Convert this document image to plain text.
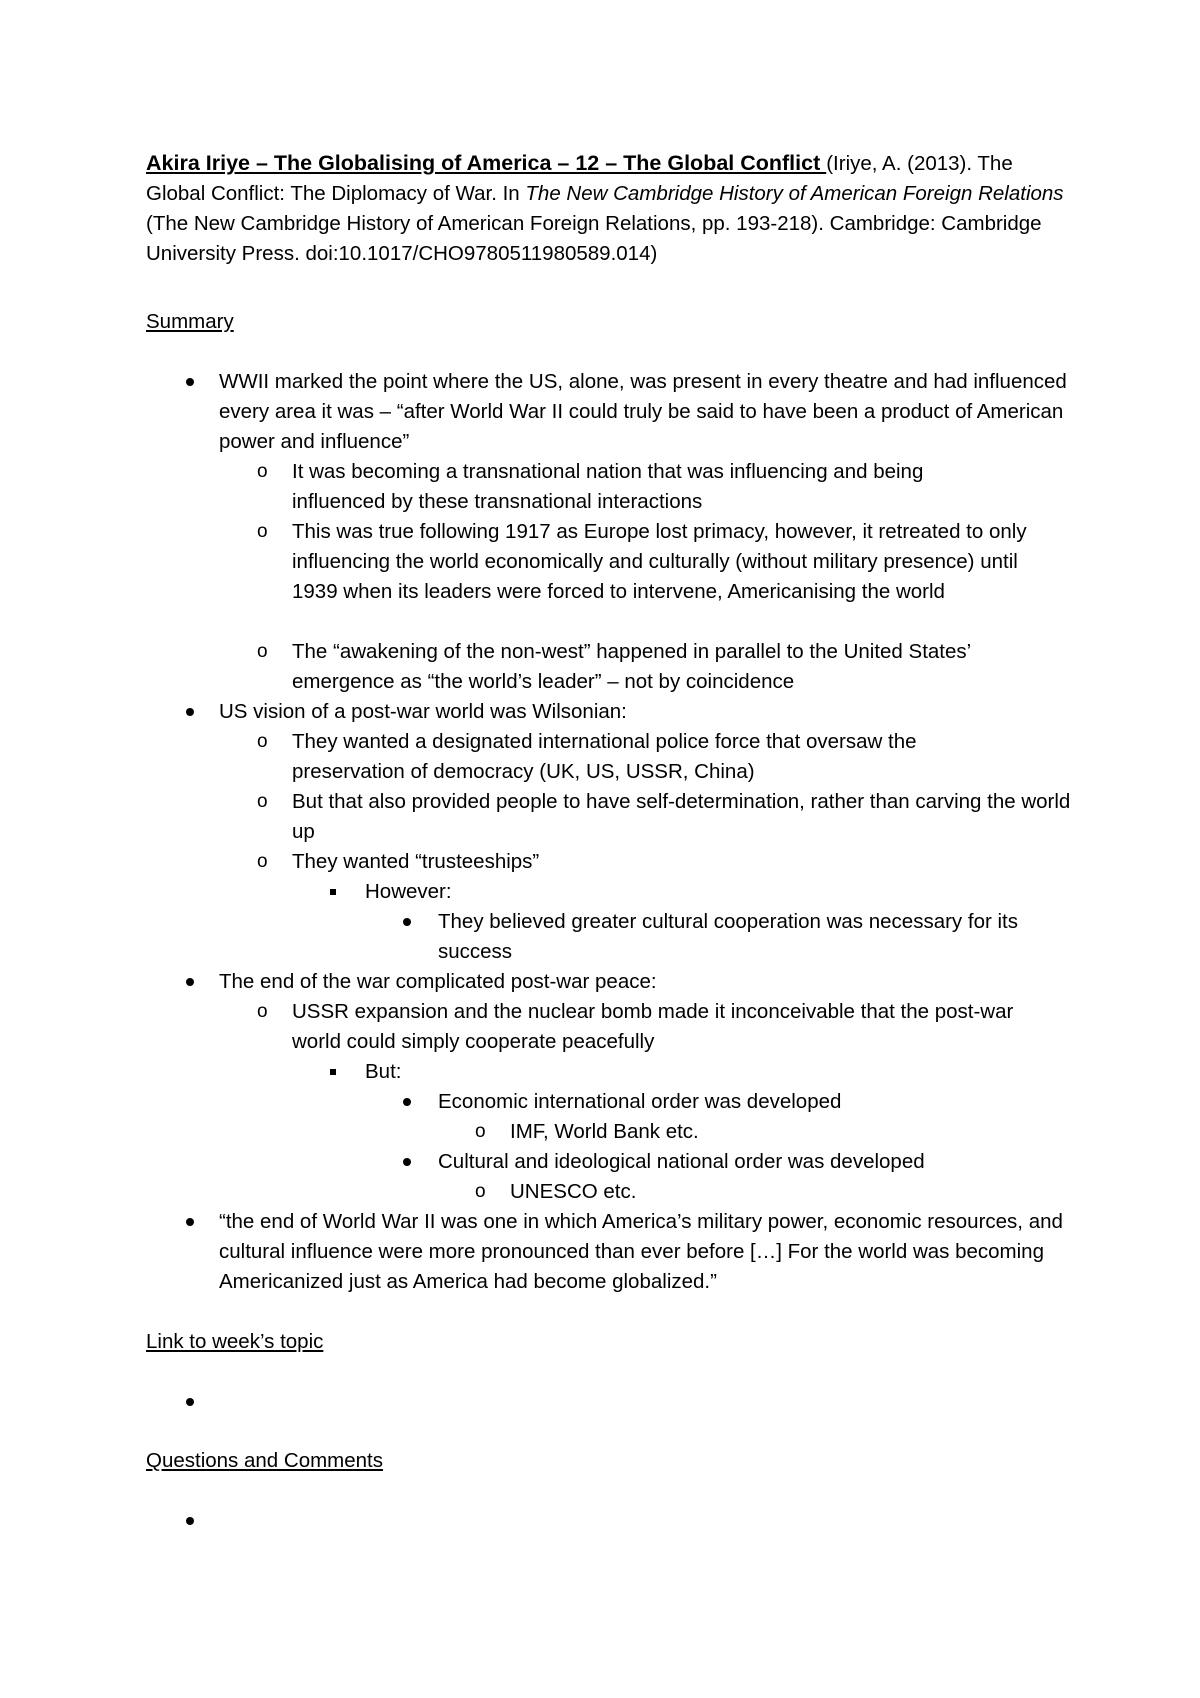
Akira Iriye – The Globalising of America – 12 – The Global Conflict (Iriye, A. (2013). The Global Conflict: The Diplomacy of War. In The New Cambridge History of American Foreign Relations (The New Cambridge History of American Foreign Relations, pp. 193-218). Cambridge: Cambridge University Press. doi:10.1017/CHO9780511980589.014)
Summary
WWII marked the point where the US, alone, was present in every theatre and had influenced every area it was – “after World War II could truly be said to have been a product of American power and influence”
o It was becoming a transnational nation that was influencing and being influenced by these transnational interactions
o This was true following 1917 as Europe lost primacy, however, it retreated to only influencing the world economically and culturally (without military presence) until 1939 when its leaders were forced to intervene, Americanising the world
o The “awakening of the non-west” happened in parallel to the United States’ emergence as “the world’s leader” – not by coincidence
US vision of a post-war world was Wilsonian:
o They wanted a designated international police force that oversaw the preservation of democracy (UK, US, USSR, China)
o But that also provided people to have self-determination, rather than carving the world up
o They wanted “trusteeships”
However:
They believed greater cultural cooperation was necessary for its success
The end of the war complicated post-war peace:
o USSR expansion and the nuclear bomb made it inconceivable that the post-war world could simply cooperate peacefully
But:
Economic international order was developed
o IMF, World Bank etc.
Cultural and ideological national order was developed
o UNESCO etc.
“the end of World War II was one in which America’s military power, economic resources, and cultural influence were more pronounced than ever before […] For the world was becoming Americanized just as America had become globalized.”
Link to week’s topic
Questions and Comments
